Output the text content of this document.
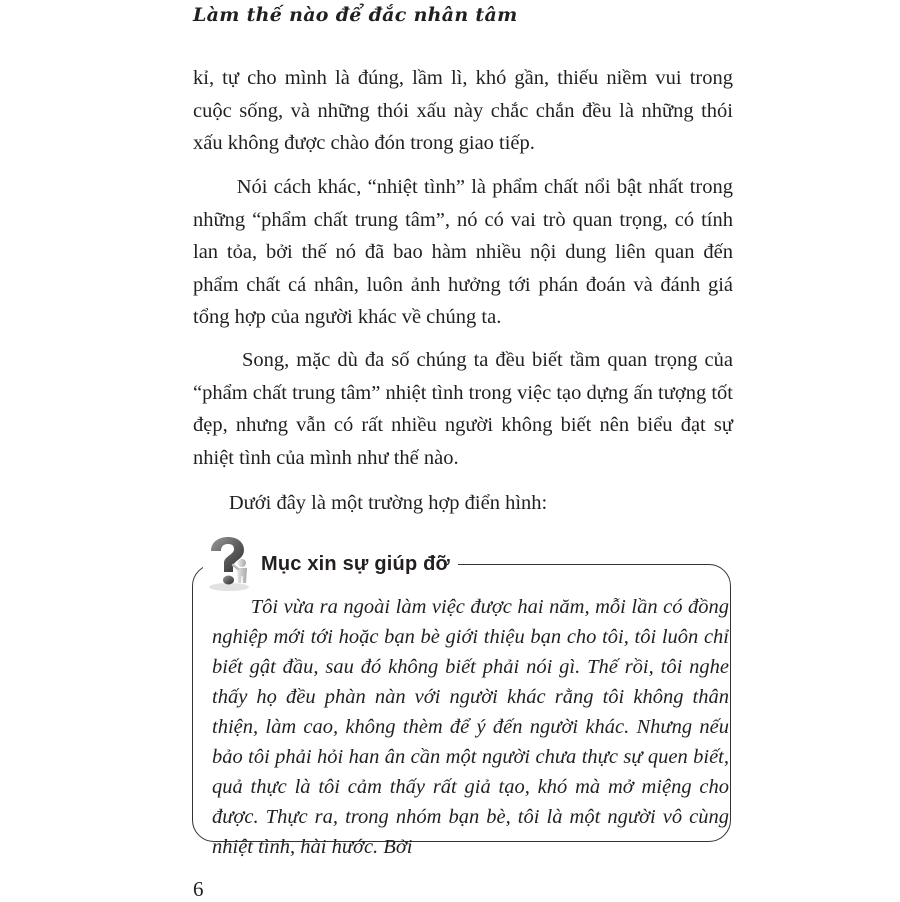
Làm thế nào để đắc nhân tâm

kỉ, tự cho mình là đúng, lầm lì, khó gần, thiếu niềm vui trong cuộc sống, và những thói xấu này chắc chắn đều là những thói xấu không được chào đón trong giao tiếp.

Nói cách khác, “nhiệt tình” là phẩm chất nổi bật nhất trong những “phẩm chất trung tâm”, nó có vai trò quan trọng, có tính lan tỏa, bởi thế nó đã bao hàm nhiều nội dung liên quan đến phẩm chất cá nhân, luôn ảnh hưởng tới phán đoán và đánh giá tổng hợp của người khác về chúng ta.

Song, mặc dù đa số chúng ta đều biết tầm quan trọng của “phẩm chất trung tâm” nhiệt tình trong việc tạo dựng ấn tượng tốt đẹp, nhưng vẫn có rất nhiều người không biết nên biểu đạt sự nhiệt tình của mình như thế nào.

Dưới đây là một trường hợp điển hình:

Mục xin sự giúp đỡ

Tôi vừa ra ngoài làm việc được hai năm, mỗi lần có đồng nghiệp mới tới hoặc bạn bè giới thiệu bạn cho tôi, tôi luôn chỉ biết gật đầu, sau đó không biết phải nói gì. Thế rồi, tôi nghe thấy họ đều phàn nàn với người khác rằng tôi không thân thiện, làm cao, không thèm để ý đến người khác. Nhưng nếu bảo tôi phải hỏi han ân cần một người chưa thực sự quen biết, quả thực là tôi cảm thấy rất giả tạo, khó mà mở miệng cho được. Thực ra, trong nhóm bạn bè, tôi là một người vô cùng nhiệt tình, hài hước. Bởi

6
